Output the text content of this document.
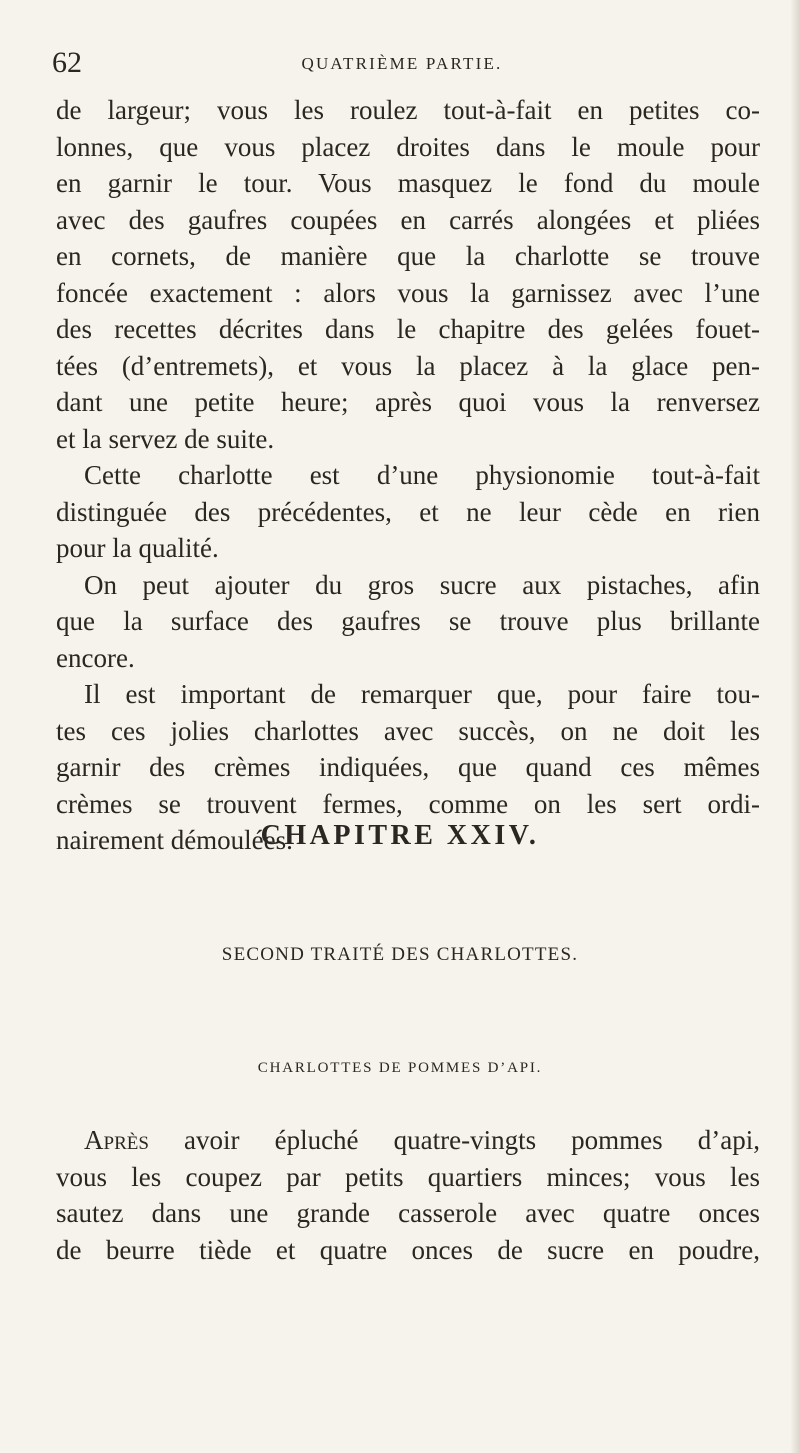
62	QUATRIÈME PARTIE.
de largeur; vous les roulez tout-à-fait en petites co-
lonnes, que vous placez droites dans le moule pour
en garnir le tour. Vous masquez le fond du moule
avec des gaufres coupées en carrés alongées et pliées
en cornets, de manière que la charlotte se trouve
foncée exactement : alors vous la garnissez avec l’une
des recettes décrites dans le chapitre des gelées fouet-
tées (d’entremets), et vous la placez à la glace pen-
dant une petite heure; après quoi vous la renversez
et la servez de suite.
Cette charlotte est d’une physionomie tout-à-fait
distinguée des précédentes, et ne leur cède en rien
pour la qualité.
On peut ajouter du gros sucre aux pistaches, afin
que la surface des gaufres se trouve plus brillante
encore.
Il est important de remarquer que, pour faire tou-
tes ces jolies charlottes avec succès, on ne doit les
garnir des crèmes indiquées, que quand ces mêmes
crèmes se trouvent fermes, comme on les sert ordi-
nairement démoulées.
CHAPITRE XXIV.
SECOND TRAITÉ DES CHARLOTTES.
CHARLOTTES DE POMMES D’API.
Après avoir épluché quatre-vingts pommes d’api,
vous les coupez par petits quartiers minces; vous les
sautez dans une grande casserole avec quatre onces
de beurre tiède et quatre onces de sucre en poudre,
